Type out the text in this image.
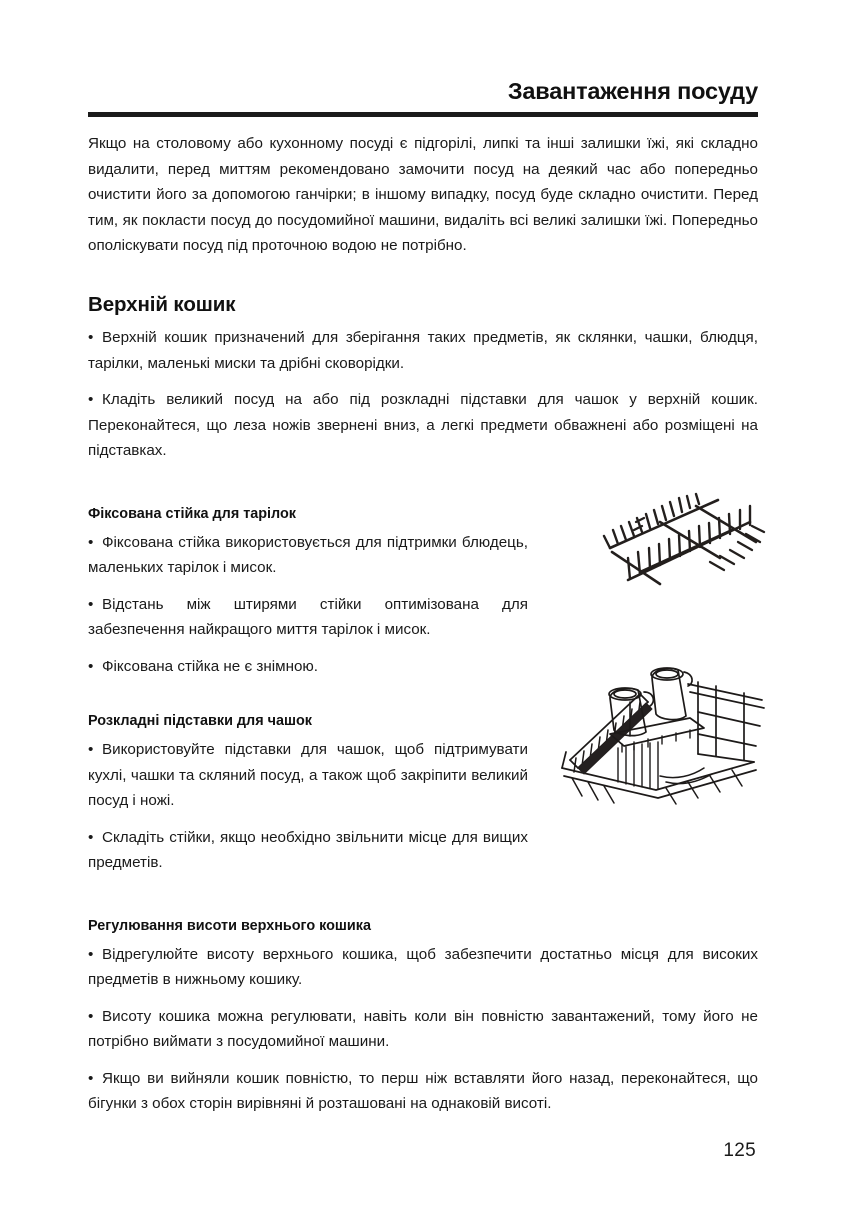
Завантаження посуду

Якщо на столовому або кухонному посуді є підгорілі, липкі та інші залишки їжі, які складно видалити, перед миттям рекомендовано замочити посуд на деякий час або попередньо очистити його за допомогою ганчірки; в іншому випадку, посуд буде складно очистити. Перед тим, як покласти посуд до посудомийної машини, видаліть всі великі залишки їжі. Попередньо ополіскувати посуд під проточною водою не потрібно.

Верхній кошик

• Верхній кошик призначений для зберігання таких предметів, як склянки, чашки, блюдця, тарілки, маленькі миски та дрібні сковорідки.

• Кладіть великий посуд на або під розкладні підставки для чашок у верхній кошик. Переконайтеся, що леза ножів звернені вниз, а легкі предмети обважнені або розміщені на підставках.

Фіксована стійка для тарілок

• Фіксована стійка використовується для підтримки блюдець, маленьких тарілок і мисок.

• Відстань між штирями стійки оптимізована для забезпечення найкращого миття тарілок і мисок.

• Фіксована стійка не є знімною.

Розкладні підставки для чашок

• Використовуйте підставки для чашок, щоб підтримувати кухлі, чашки та скляний посуд, а також щоб закріпити великий посуд і ножі.

• Складіть стійки, якщо необхідно звільнити місце для вищих предметів.

Регулювання висоти верхнього кошика

• Відрегулюйте висоту верхнього кошика, щоб забезпечити достатньо місця для високих предметів в нижньому кошику.

• Висоту кошика можна регулювати, навіть коли він повністю завантажений, тому його не потрібно виймати з посудомийної машини.

• Якщо ви вийняли кошик повністю, то перш ніж вставляти його назад, переконайтеся, що бігунки з обох сторін вирівняні й розташовані на однаковій висоті.

125
